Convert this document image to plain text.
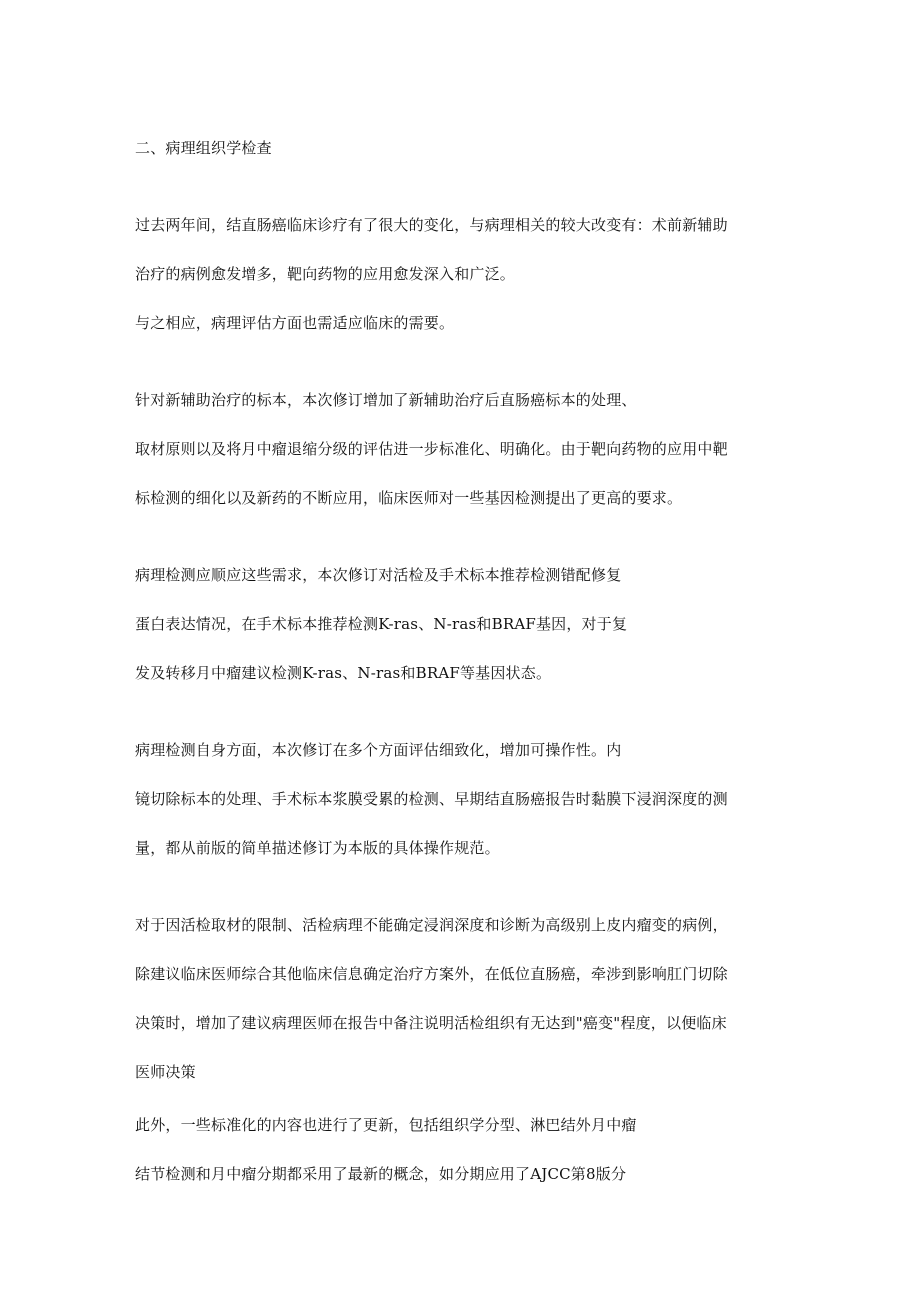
二、病理组织学检查
过去两年间，结直肠癌临床诊疗有了很大的变化，与病理相关的较大改变有：术前新辅助
治疗的病例愈发增多，靶向药物的应用愈发深入和广泛。
与之相应，病理评估方面也需适应临床的需要。
针对新辅助治疗的标本，本次修订增加了新辅助治疗后直肠癌标本的处理、
取材原则以及将月中瘤退缩分级的评估进一步标准化、明确化。由于靶向药物的应用中靶
标检测的细化以及新药的不断应用，临床医师对一些基因检测提出了更高的要求。
病理检测应顺应这些需求，本次修订对活检及手术标本推荐检测错配修复
蛋白表达情况，在手术标本推荐检测K-ras、N-ras和BRAF基因，对于复
发及转移月中瘤建议检测K-ras、N-ras和BRAF等基因状态。
病理检测自身方面，本次修订在多个方面评估细致化，增加可操作性。内
镜切除标本的处理、手术标本浆膜受累的检测、早期结直肠癌报告时黏膜下浸润深度的测
量，都从前版的简单描述修订为本版的具体操作规范。
对于因活检取材的限制、活检病理不能确定浸润深度和诊断为高级别上皮内瘤变的病例，
除建议临床医师综合其他临床信息确定治疗方案外，在低位直肠癌，牵涉到影响肛门切除
决策时，增加了建议病理医师在报告中备注说明活检组织有无达到"癌变"程度，以便临床
医师决策
此外，一些标准化的内容也进行了更新，包括组织学分型、淋巴结外月中瘤
结节检测和月中瘤分期都采用了最新的概念，如分期应用了AJCC第8版分
